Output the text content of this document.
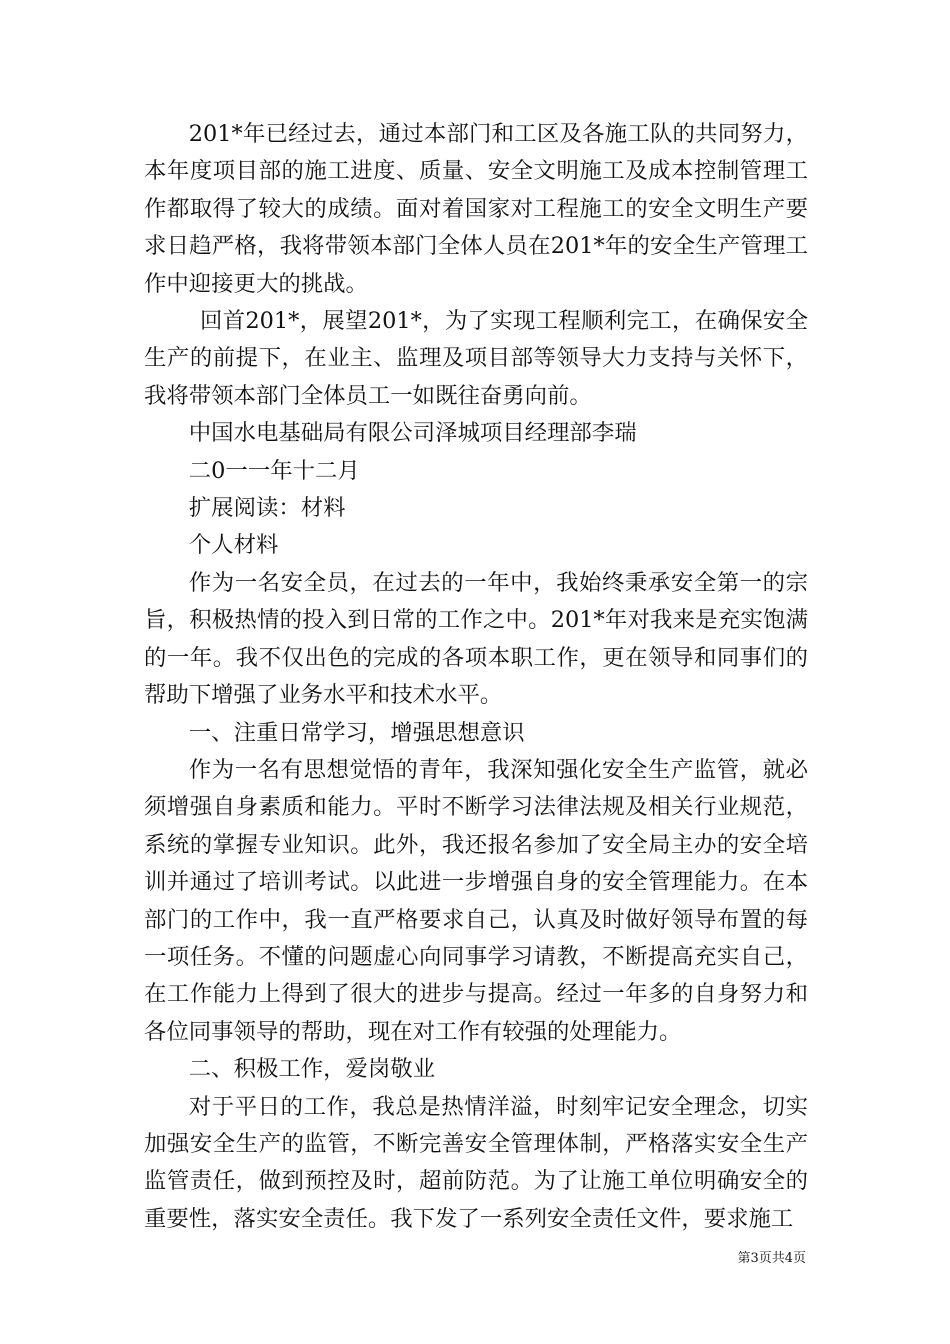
201*年已经过去，通过本部门和工区及各施工队的共同努力，本年度项目部的施工进度、质量、安全文明施工及成本控制管理工作都取得了较大的成绩。面对着国家对工程施工的安全文明生产要求日趋严格，我将带领本部门全体人员在201*年的安全生产管理工作中迎接更大的挑战。

回首201*，展望201*，为了实现工程顺利完工，在确保安全生产的前提下，在业主、监理及项目部等领导大力支持与关怀下，我将带领本部门全体员工一如既往奋勇向前。

中国水电基础局有限公司泽城项目经理部李瑞

二0一一年十二月

扩展阅读：材料

个人材料

作为一名安全员，在过去的一年中，我始终秉承安全第一的宗旨，积极热情的投入到日常的工作之中。201*年对我来是充实饱满的一年。我不仅出色的完成的各项本职工作，更在领导和同事们的帮助下增强了业务水平和技术水平。

一、注重日常学习，增强思想意识

作为一名有思想觉悟的青年，我深知强化安全生产监管，就必须增强自身素质和能力。平时不断学习法律法规及相关行业规范，系统的掌握专业知识。此外，我还报名参加了安全局主办的安全培训并通过了培训考试。以此进一步增强自身的安全管理能力。在本部门的工作中，我一直严格要求自己，认真及时做好领导布置的每一项任务。不懂的问题虚心向同事学习请教，不断提高充实自己，在工作能力上得到了很大的进步与提高。经过一年多的自身努力和各位同事领导的帮助，现在对工作有较强的处理能力。

二、积极工作，爱岗敬业

对于平日的工作，我总是热情洋溢，时刻牢记安全理念，切实加强安全生产的监管，不断完善安全管理体制，严格落实安全生产监管责任，做到预控及时，超前防范。为了让施工单位明确安全的重要性，落实安全责任。我下发了一系列安全责任文件，要求施工

第3页共4页
